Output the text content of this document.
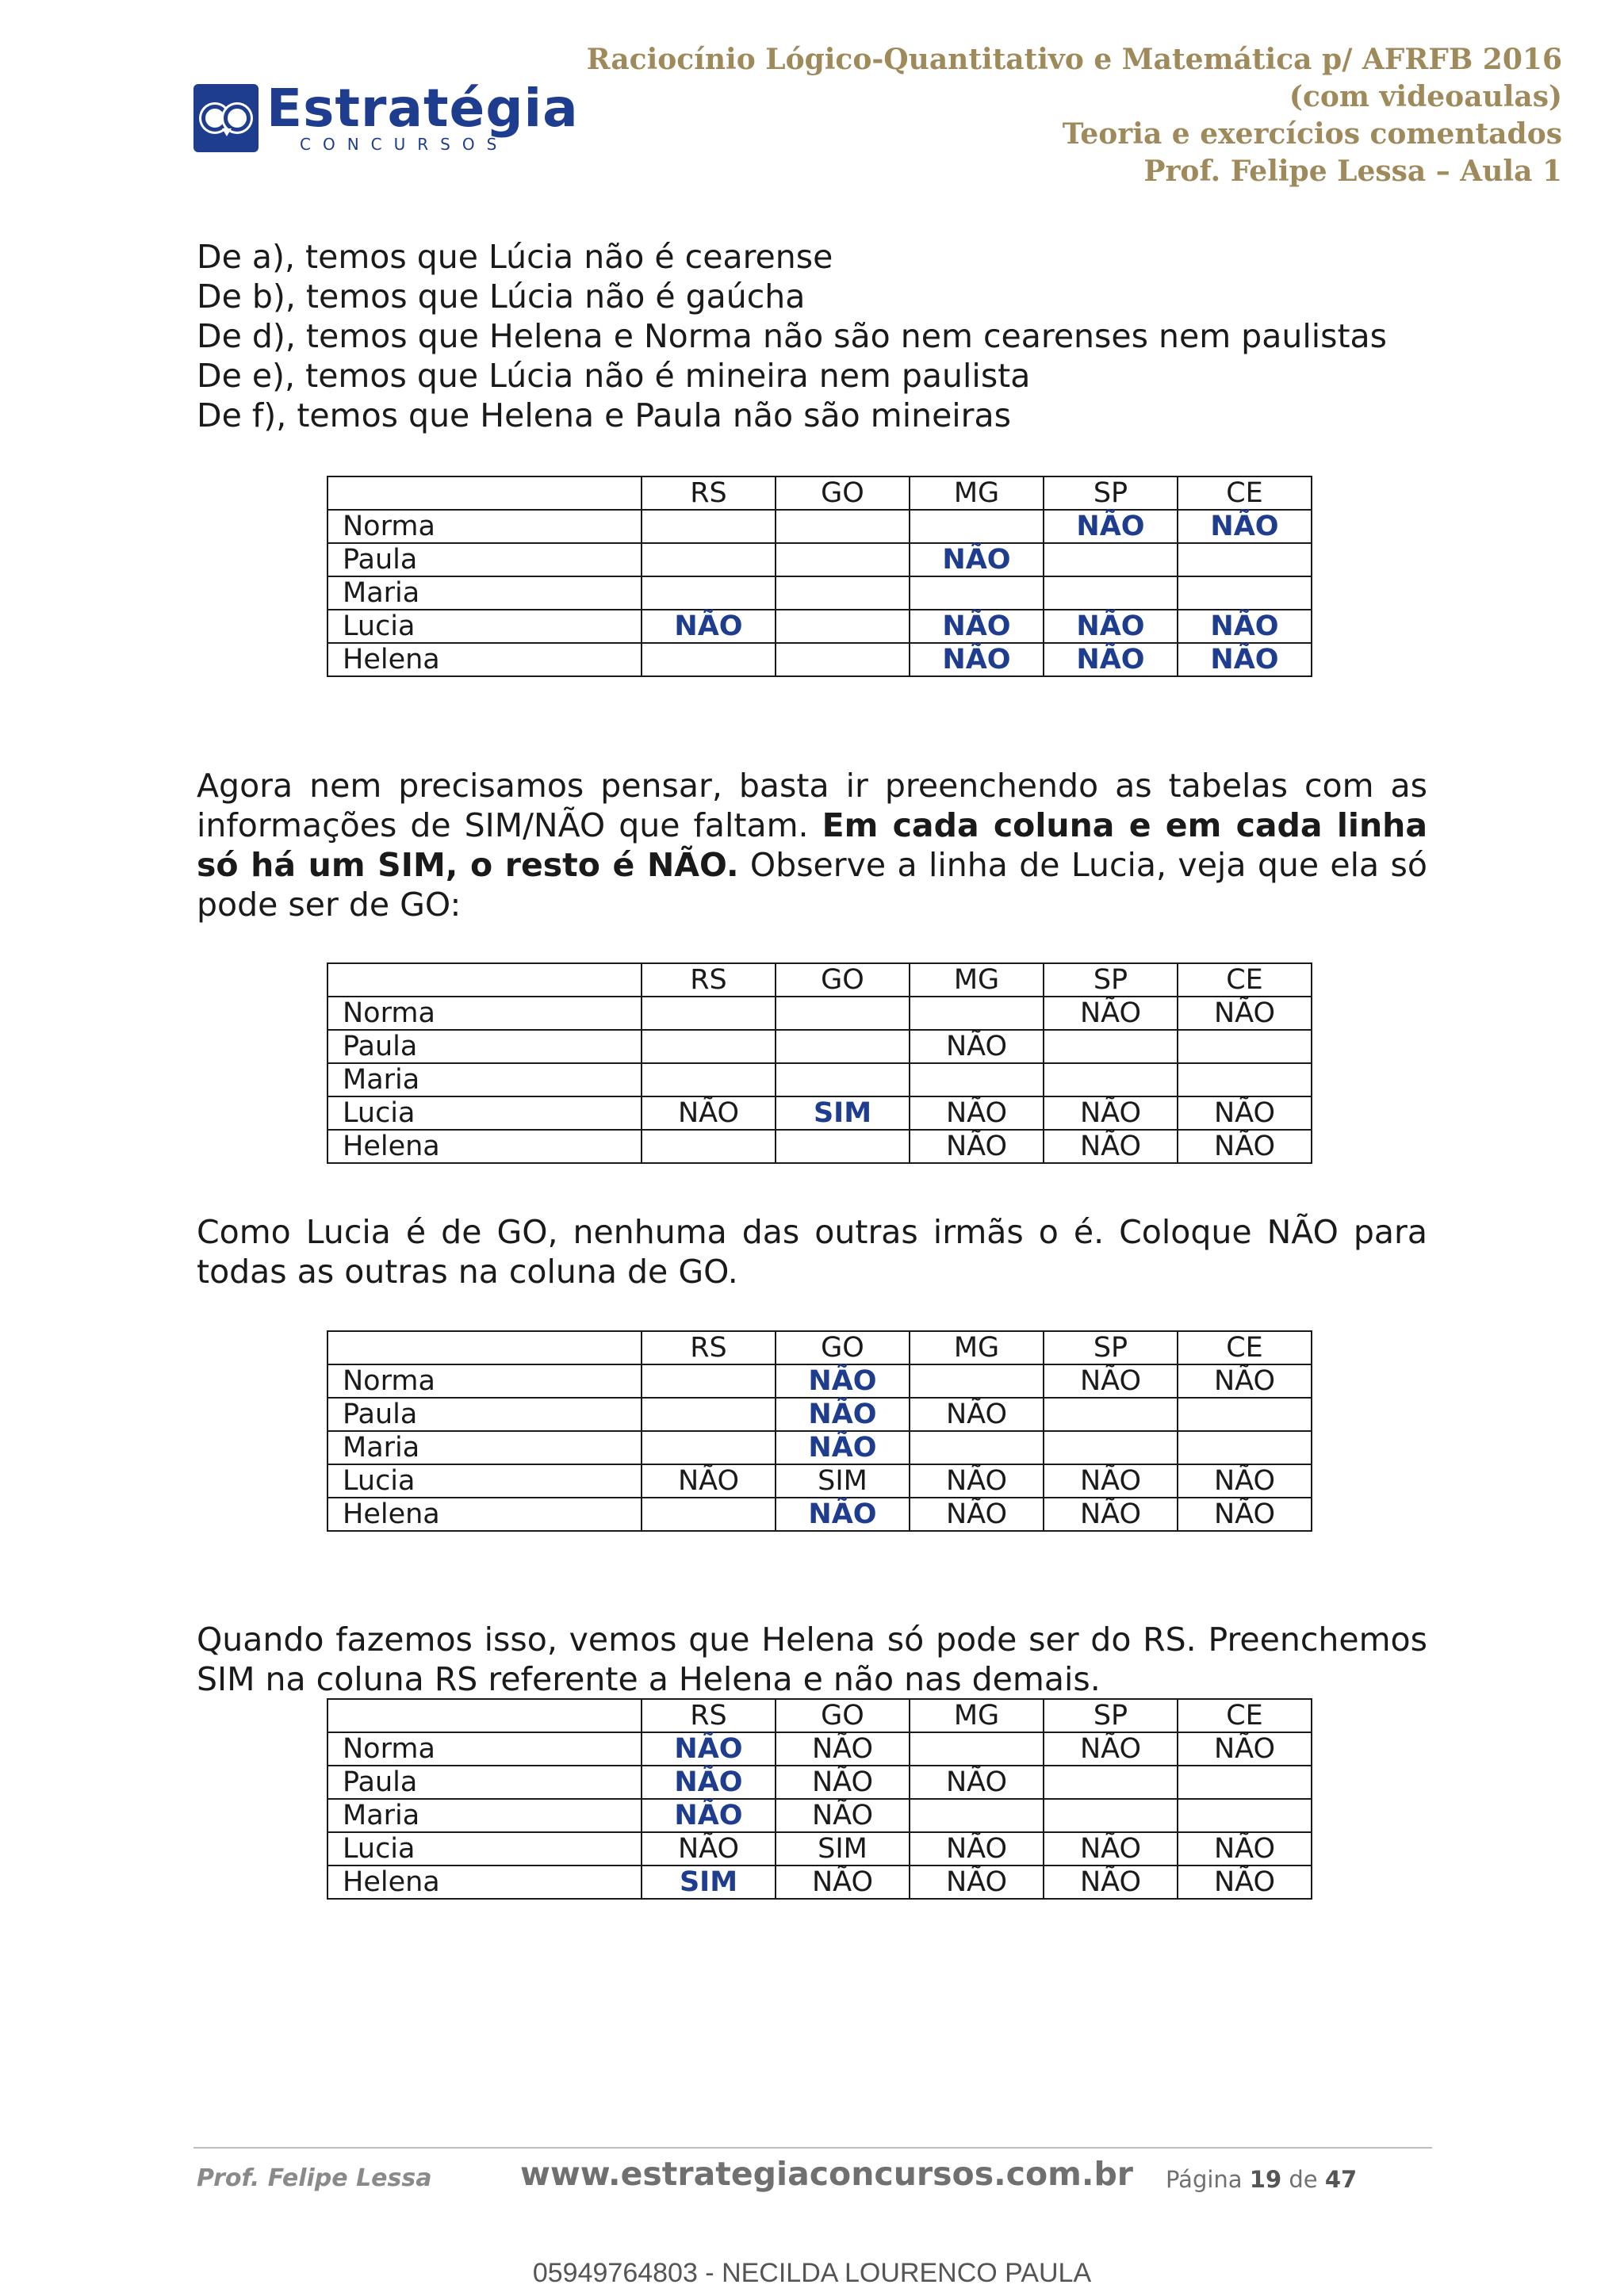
Estratégia
CONCURSOS
Raciocínio Lógico-Quantitativo e Matemática p/ AFRFB 2016
(com videoaulas)
Teoria e exercícios comentados
Prof. Felipe Lessa – Aula 1
De a), temos que Lúcia não é cearense
De b), temos que Lúcia não é gaúcha
De d), temos que Helena e Norma não são nem cearenses nem paulistas
De e), temos que Lúcia não é mineira nem paulista
De f), temos que Helena e Paula não são mineiras
	RS	GO	MG	SP	CE
Norma				NÃO	NÃO
Paula			NÃO		
Maria					
Lucia	NÃO		NÃO	NÃO	NÃO
Helena			NÃO	NÃO	NÃO
Agora nem precisamos pensar, basta ir preenchendo as tabelas com as informações de SIM/NÃO que faltam. Em cada coluna e em cada linha só há um SIM, o resto é NÃO. Observe a linha de Lucia, veja que ela só pode ser de GO:
	RS	GO	MG	SP	CE
Norma				NÃO	NÃO
Paula			NÃO		
Maria					
Lucia	NÃO	SIM	NÃO	NÃO	NÃO
Helena			NÃO	NÃO	NÃO
Como Lucia é de GO, nenhuma das outras irmãs o é. Coloque NÃO para todas as outras na coluna de GO.
	RS	GO	MG	SP	CE
Norma		NÃO		NÃO	NÃO
Paula		NÃO	NÃO		
Maria		NÃO			
Lucia	NÃO	SIM	NÃO	NÃO	NÃO
Helena		NÃO	NÃO	NÃO	NÃO
Quando fazemos isso, vemos que Helena só pode ser do RS. Preenchemos SIM na coluna RS referente a Helena e não nas demais.
	RS	GO	MG	SP	CE
Norma	NÃO	NÃO		NÃO	NÃO
Paula	NÃO	NÃO	NÃO		
Maria	NÃO	NÃO			
Lucia	NÃO	SIM	NÃO	NÃO	NÃO
Helena	SIM	NÃO	NÃO	NÃO	NÃO
Prof. Felipe Lessa	www.estrategiaconcursos.com.br Página 19 de 47
05949764803 - NECILDA LOURENCO PAULA
